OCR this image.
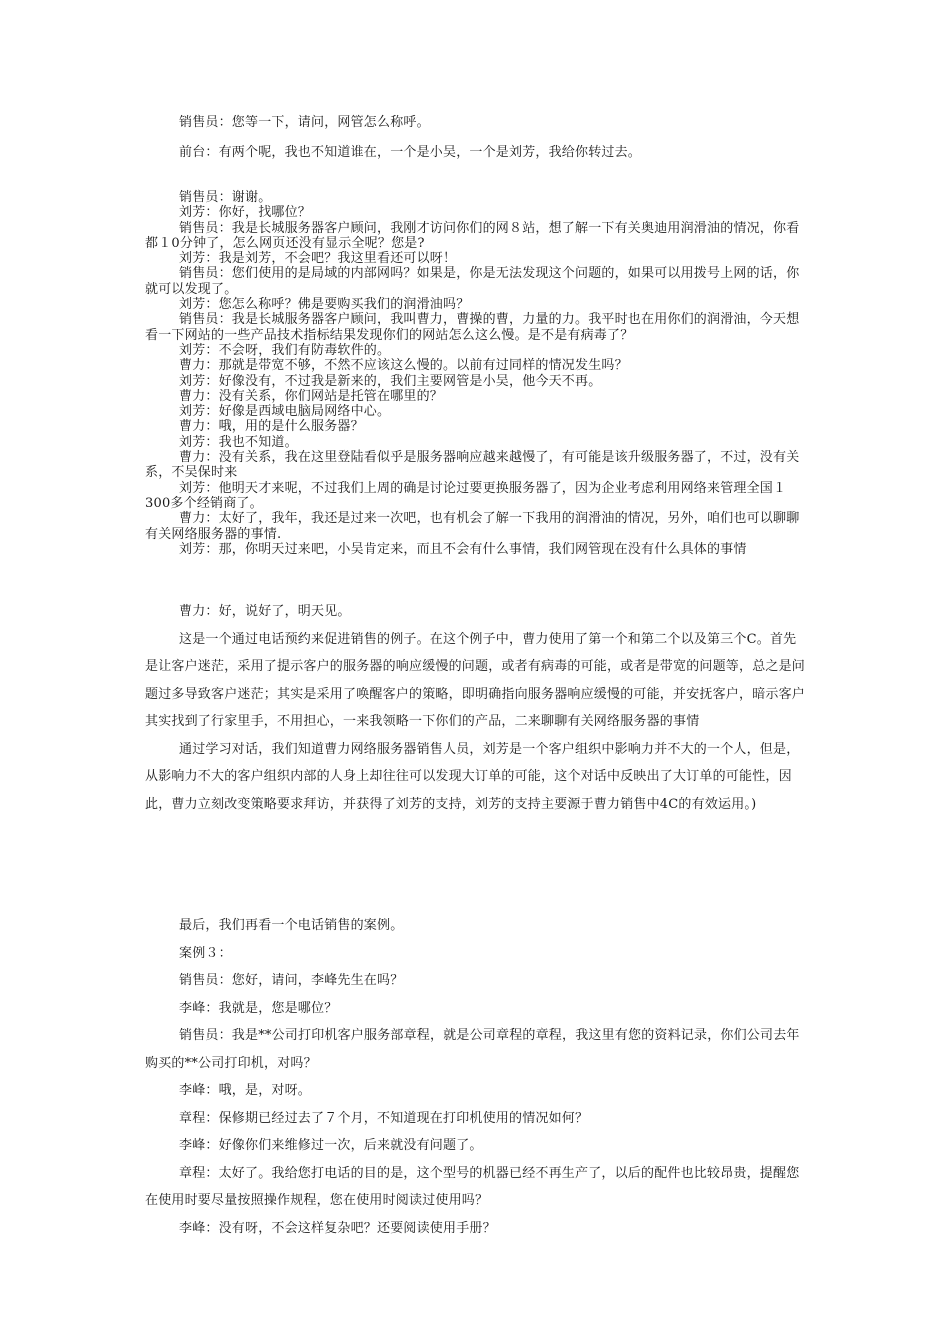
销售员：您等一下，请问，网管怎么称呼。

前台：有两个呢，我也不知道谁在，一个是小吴，一个是刘芳，我给你转过去。

销售员：谢谢。

刘芳：你好，找哪位？

销售员：我是长城服务器客户顾问，我刚才访问你们的网８站，想了解一下有关奥迪用润滑油的情况，你看都１0分钟了，怎么网页还没有显示全呢？您是?

刘芳：我是刘芳，不会吧？我这里看还可以呀！

销售员：您们使用的是局域的内部网吗？如果是，你是无法发现这个问题的，如果可以用拨号上网的话，你就可以发现了。

刘芳：您怎么称呼？佛是要购买我们的润滑油吗？

销售员：我是长城服务器客户顾问，我叫曹力，曹操的曹，力量的力。我平时也在用你们的润滑油，今天想看一下网站的一些产品技术指标结果发现你们的网站怎么这么慢。是不是有病毒了？

刘芳：不会呀，我们有防毒软件的。

曹力：那就是带宽不够，不然不应该这么慢的。以前有过同样的情况发生吗？

刘芳：好像没有，不过我是新来的，我们主要网管是小吴，他今天不再。

曹力：没有关系，你们网站是托管在哪里的？

刘芳：好像是西域电脑局网络中心。

曹力：哦，用的是什么服务器？

刘芳：我也不知道。

曹力：没有关系，我在这里登陆看似乎是服务器响应越来越慢了，有可能是该升级服务器了，不过，没有关系，不吴保时来

刘芳：他明天才来呢，不过我们上周的确是讨论过要更换服务器了，因为企业考虑利用网络来管理全国１300多个经销商了。

曹力：太好了，我年，我还是过来一次吧，也有机会了解一下我用的润滑油的情况，另外，咱们也可以聊聊有关网络服务器的事情.

刘芳：那，你明天过来吧，小吴肯定来，而且不会有什么事情，我们网管现在没有什么具体的事情

曹力：好，说好了，明天见。

这是一个通过电话预约来促进销售的例子。在这个例子中，曹力使用了第一个和第二个以及第三个C。首先是让客户迷茫，采用了提示客户的服务器的响应缓慢的问题，或者有病毒的可能，或者是带宽的问题等，总之是问题过多导致客户迷茫；其实是采用了唤醒客户的策略，即明确指向服务器响应缓慢的可能，并安抚客户，暗示客户其实找到了行家里手，不用担心，一来我领略一下你们的产品，二来聊聊有关网络服务器的事情

通过学习对话，我们知道曹力网络服务器销售人员，刘芳是一个客户组织中影响力并不大的一个人，但是，从影响力不大的客户组织内部的人身上却往往可以发现大订单的可能，这个对话中反映出了大订单的可能性，因此，曹力立刻改变策略要求拜访，并获得了刘芳的支持，刘芳的支持主要源于曹力销售中4C的有效运用。)

最后，我们再看一个电话销售的案例。

案例３：

销售员：您好，请问，李峰先生在吗？

李峰：我就是，您是哪位？

销售员：我是**公司打印机客户服务部章程，就是公司章程的章程，我这里有您的资料记录，你们公司去年购买的**公司打印机，对吗？

李峰：哦，是，对呀。

章程：保修期已经过去了７个月，不知道现在打印机使用的情况如何？

李峰：好像你们来维修过一次，后来就没有问题了。

章程：太好了。我给您打电话的目的是，这个型号的机器已经不再生产了，以后的配件也比较昂贵，提醒您在使用时要尽量按照操作规程，您在使用时阅读过使用吗？

李峰：没有呀，不会这样复杂吧？还要阅读使用手册？
